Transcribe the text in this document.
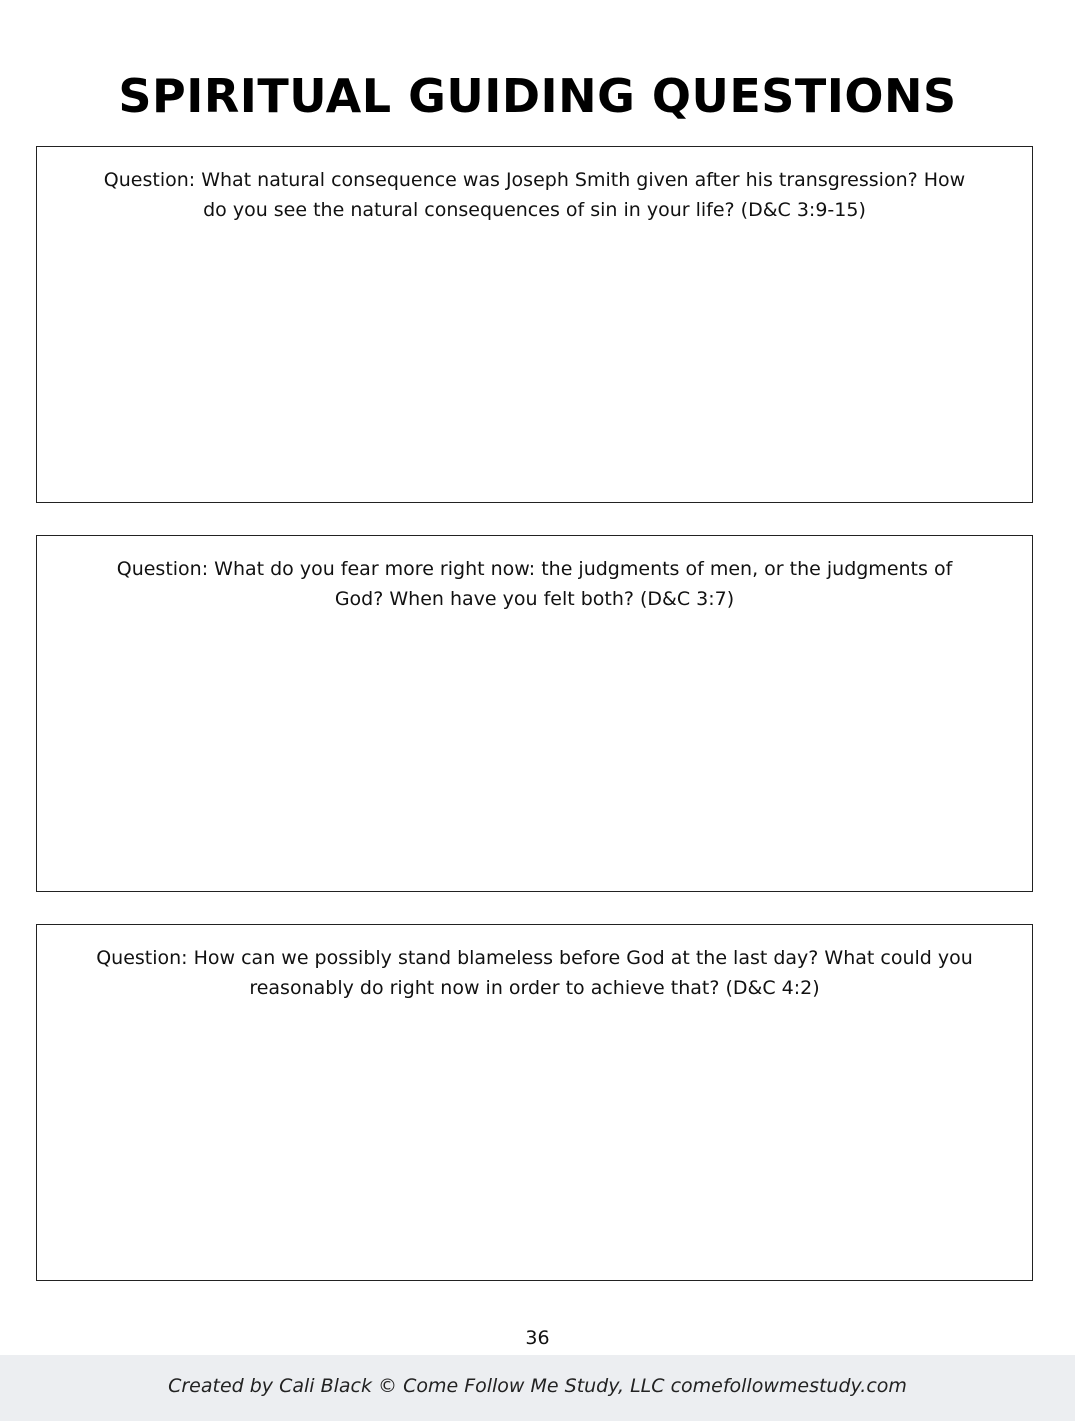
SPIRITUAL GUIDING QUESTIONS
Question: What natural consequence was Joseph Smith given after his transgression? How do you see the natural consequences of sin in your life? (D&C 3:9-15)
Question: What do you fear more right now: the judgments of men, or the judgments of God? When have you felt both? (D&C 3:7)
Question: How can we possibly stand blameless before God at the last day? What could you reasonably do right now in order to achieve that? (D&C 4:2)
36
Created by Cali Black © Come Follow Me Study, LLC comefollowmestudy.com
